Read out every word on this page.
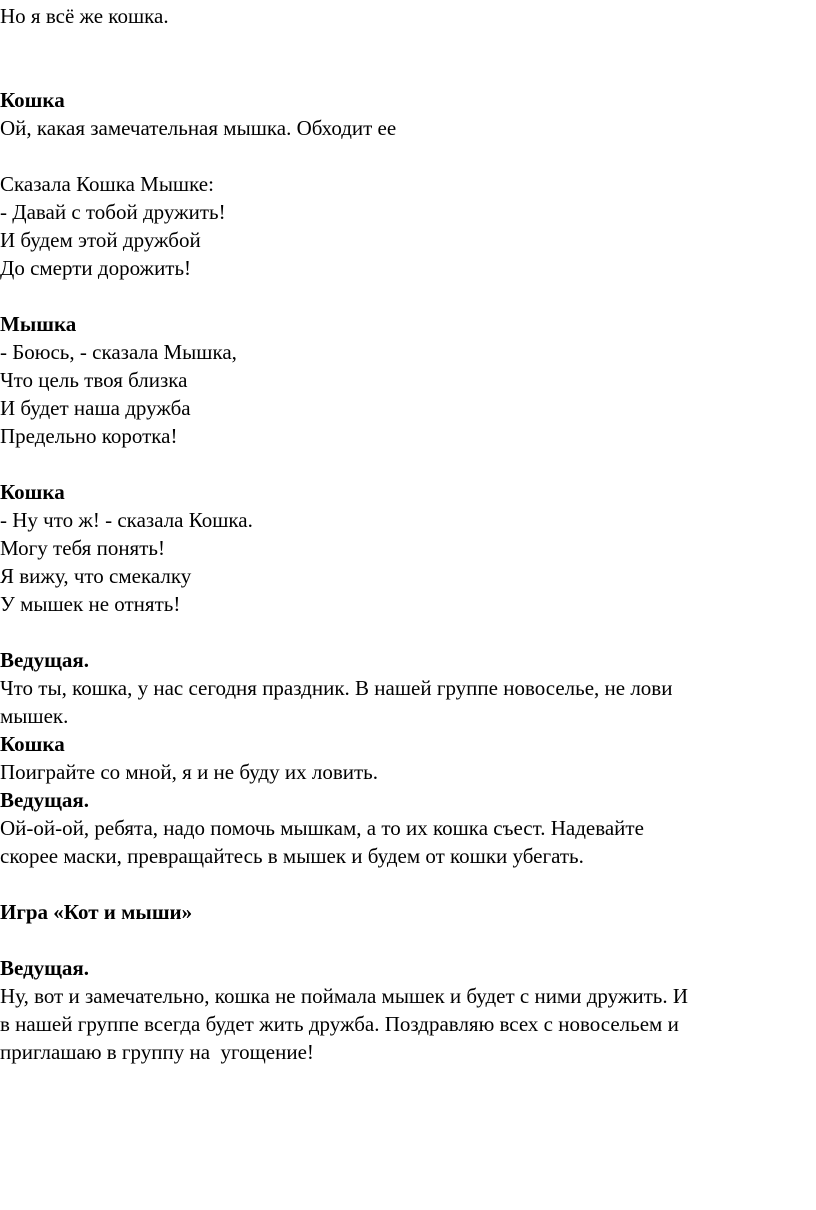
Но я всё же кошка.
Кошка
Ой, какая замечательная мышка. Обходит ее
Сказала Кошка Мышке:
- Давай с тобой дружить!
И будем этой дружбой
До смерти дорожить!
Мышка
- Боюсь, - сказала Мышка,
Что цель твоя близка
И будет наша дружба
Предельно коротка!
Кошка
- Ну что ж! - сказала Кошка.
Могу тебя понять!
Я вижу, что смекалку
У мышек не отнять!
Ведущая.
Что ты, кошка, у нас сегодня праздник. В нашей группе новоселье, не лови
мышек.
Кошка
Поиграйте со мной, я и не буду их ловить.
Ведущая.
Ой-ой-ой, ребята, надо помочь мышкам, а то их кошка съест. Надевайте
скорее маски, превращайтесь в мышек и будем от кошки убегать.
Игра «Кот и мыши»
Ведущая.
Ну, вот и замечательно, кошка не поймала мышек и будет с ними дружить. И
в нашей группе всегда будет жить дружба. Поздравляю всех с новосельем и
приглашаю в группу на  угощение!
